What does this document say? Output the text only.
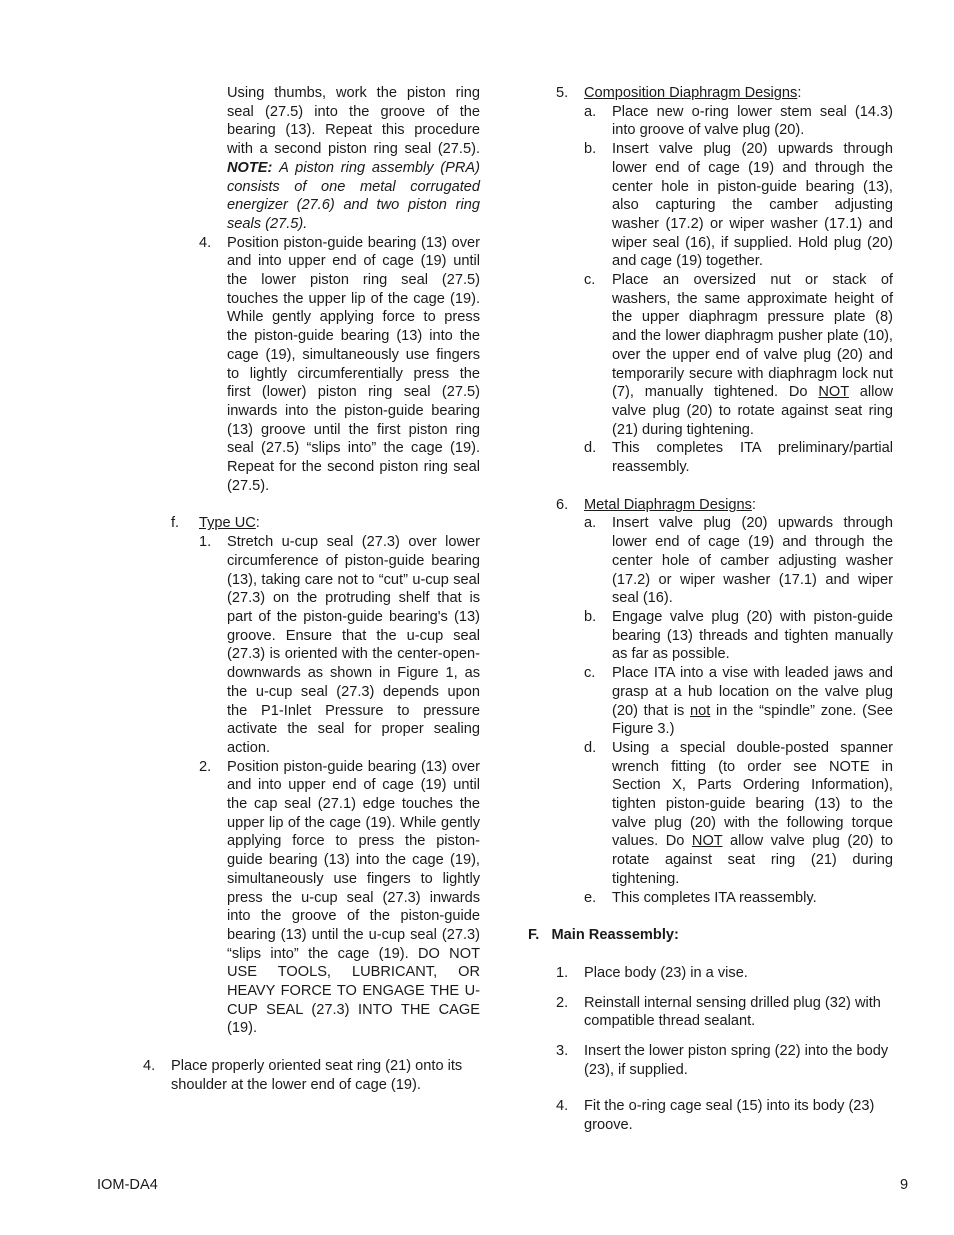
Using thumbs, work the piston ring seal (27.5) into the groove of the bearing (13). Repeat this procedure with a second piston ring seal (27.5). NOTE: A piston ring assembly (PRA) consists of one metal corrugated energizer (27.6) and two piston ring seals (27.5).
4. Position piston-guide bearing (13) over and into upper end of cage (19) until the lower piston ring seal (27.5) touches the upper lip of the cage (19). While gently applying force to press the piston-guide bearing (13) into the cage (19), simultaneously use fingers to lightly circumferentially press the first (lower) piston ring seal (27.5) inwards into the piston-guide bearing (13) groove until the first piston ring seal (27.5) “slips into” the cage (19). Repeat for the second piston ring seal (27.5).
f. Type UC:
1. Stretch u-cup seal (27.3) over lower circumference of piston-guide bearing (13), taking care not to “cut” u-cup seal (27.3) on the protruding shelf that is part of the piston-guide bearing's (13) groove. Ensure that the u-cup seal (27.3) is oriented with the center-open-downwards as shown in Figure 1, as the u-cup seal (27.3) depends upon the P1-Inlet Pressure to pressure activate the seal for proper sealing action.
2. Position piston-guide bearing (13) over and into upper end of cage (19) until the cap seal (27.1) edge touches the upper lip of the cage (19). While gently applying force to press the piston-guide bearing (13) into the cage (19), simultaneously use fingers to lightly press the u-cup seal (27.3) inwards into the groove of the piston-guide bearing (13) until the u-cup seal (27.3) “slips into” the cage (19). DO NOT USE TOOLS, LUBRICANT, OR HEAVY FORCE TO ENGAGE THE U-CUP SEAL (27.3) INTO THE CAGE (19).
4. Place properly oriented seat ring (21) onto its shoulder at the lower end of cage (19).
5. Composition Diaphragm Designs:
a. Place new o-ring lower stem seal (14.3) into groove of valve plug (20).
b. Insert valve plug (20) upwards through lower end of cage (19) and through the center hole in piston-guide bearing (13), also capturing the camber adjusting washer (17.2) or wiper washer (17.1) and wiper seal (16), if supplied. Hold plug (20) and cage (19) together.
c. Place an oversized nut or stack of washers, the same approximate height of the upper diaphragm pressure plate (8) and the lower diaphragm pusher plate (10), over the upper end of valve plug (20) and temporarily secure with diaphragm lock nut (7), manually tightened. Do NOT allow valve plug (20) to rotate against seat ring (21) during tightening.
d. This completes ITA preliminary/partial reassembly.
6. Metal Diaphragm Designs:
a. Insert valve plug (20) upwards through lower end of cage (19) and through the center hole of camber adjusting washer (17.2) or wiper washer (17.1) and wiper seal (16).
b. Engage valve plug (20) with piston-guide bearing (13) threads and tighten manually as far as possible.
c. Place ITA into a vise with leaded jaws and grasp at a hub location on the valve plug (20) that is not in the “spindle” zone. (See Figure 3.)
d. Using a special double-posted spanner wrench fitting (to order see NOTE in Section X, Parts Ordering Information), tighten piston-guide bearing (13) to the valve plug (20) with the following torque values. Do NOT allow valve plug (20) to rotate against seat ring (21) during tightening.
e. This completes ITA reassembly.
F.   Main Reassembly:
1. Place body (23) in a vise.
2. Reinstall internal sensing drilled plug (32) with compatible thread sealant.
3. Insert the lower piston spring (22) into the body (23), if supplied.
4. Fit the o-ring cage seal (15) into its body (23) groove.
IOM-DA4	9
